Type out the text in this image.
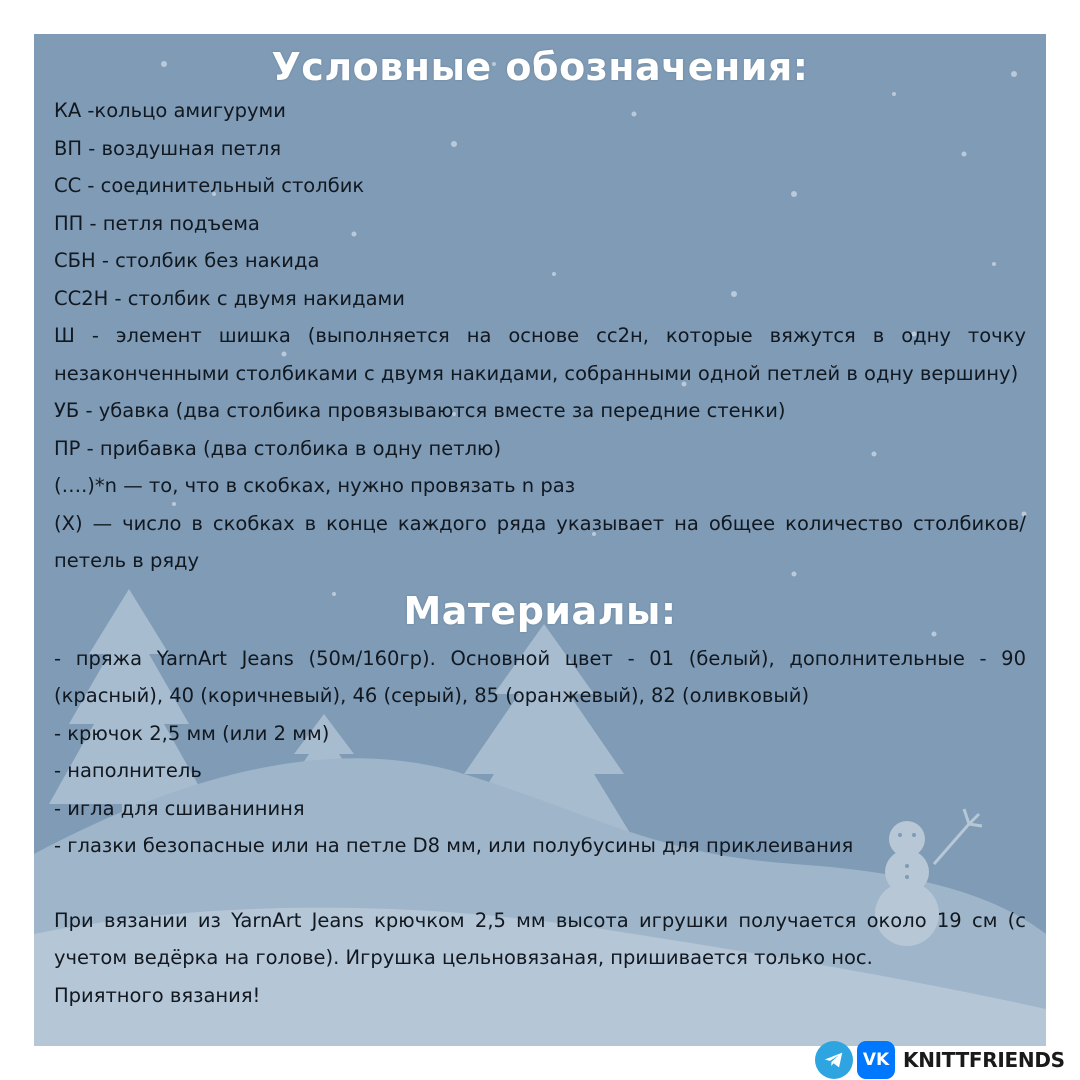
Условные обозначения:

КА -кольцо амигуруми

ВП - воздушная петля

СС - соединительный столбик

ПП - петля подъема

СБН - столбик без накида

СС2Н - столбик с двумя накидами

Ш - элемент шишка (выполняется на основе сс2н, которые вяжутся в одну точку незаконченными столбиками с двумя накидами, собранными одной петлей в одну вершину)

УБ - убавка (два столбика провязываются вместе за передние стенки)

ПР - прибавка (два столбика в одну петлю)

(….)*n — то, что в скобках, нужно провязать n раз

(Х) — число в скобках в конце каждого ряда указывает на общее количество столбиков/ петель в ряду

Материалы:

- пряжа YarnArt Jeans (50м/160гр). Основной цвет - 01 (белый), дополнительные - 90 (красный), 40 (коричневый), 46 (серый), 85 (оранжевый), 82 (оливковый)

- крючок 2,5 мм (или 2 мм)

- наполнитель

- игла для сшиванининя

- глазки безопасные или на петле D8 мм, или полубусины для приклеивания

При вязании из YarnArt Jeans крючком 2,5 мм высота игрушки получается около 19 см (с учетом ведёрка на голове). Игрушка цельновязаная, пришивается только нос.

Приятного вязания!

VK KNITTFRIENDS
